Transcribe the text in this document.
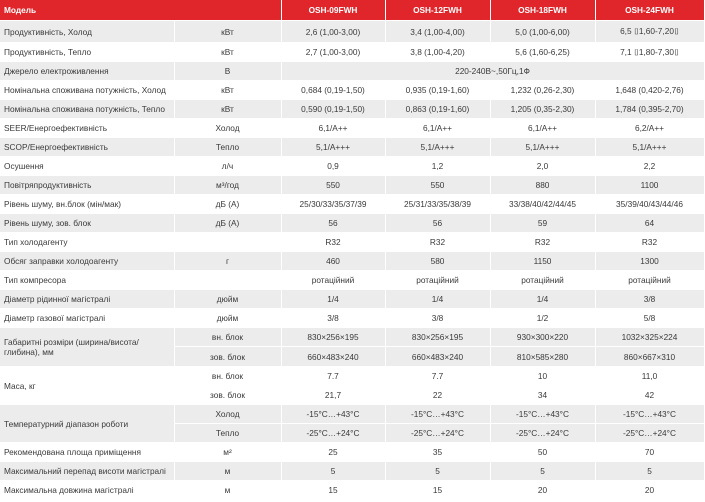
Модель		OSH-09FWH	OSH-12FWH	OSH-18FWH	OSH-24FWH
Продуктивність, Холод	кВт	2,6 (1,00-3,00)	3,4 (1,00-4,00)	5,0 (1,00-6,00)	6,5 ⌷1,60-7,20⌷
Продуктивність, Тепло	кВт	2,7 (1,00-3,00)	3,8 (1,00-4,20)	5,6 (1,60-6,25)	7,1 ⌷1,80-7,30⌷
Джерело електроживлення	В	220-240В~,50Гц,1Ф			
Номінальна споживана потужність, Холод	кВт	0,684 (0,19-1,50)	0,935 (0,19-1,60)	1,232 (0,26-2,30)	1,648 (0,420-2,76)
Номінальна споживана потужність, Тепло	кВт	0,590 (0,19-1,50)	0,863 (0,19-1,60)	1,205 (0,35-2,30)	1,784 (0,395-2,70)
SEER/Енергоефективність	Холод	6,1/А++	6,1/А++	6,1/А++	6,2/А++
SCOP/Енергоефективність	Тепло	5,1/А+++	5,1/А+++	5,1/А+++	5,1/А+++
Осушення	л/ч	0,9	1,2	2,0	2,2
Повітряпродуктивність	м³/год	550	550	880	1100
Рівень шуму, вн.блок (мін/мак)	дБ (А)	25/30/33/35/37/39	25/31/33/35/38/39	33/38/40/42/44/45	35/39/40/43/44/46
Рівень шуму, зов. блок	дБ (А)	56	56	59	64
Тип холодагенту		R32	R32	R32	R32
Обсяг заправки холодоагенту	г	460	580	1150	1300
Тип компресора		ротаційний	ротаційний	ротаційний	ротаційний
Діаметр рідинної магістралі	дюйм	1/4	1/4	1/4	3/8
Діаметр газової магістралі	дюйм	3/8	3/8	1/2	5/8
Габаритні розміри (ширина/висота/глибина), мм	вн. блок	830×256×195	830×256×195	930×300×220	1032×325×224
	зов. блок	660×483×240	660×483×240	810×585×280	860×667×310
Маса, кг	вн. блок	7.7	7.7	10	11,0
	зов. блок	21,7	22	34	42
Температурний діапазон роботи	Холод	-15°C…+43°C	-15°C…+43°C	-15°C…+43°C	-15°C…+43°C
	Тепло	-25°C…+24°C	-25°C…+24°C	-25°C…+24°C	-25°C…+24°C
Рекомендована площа приміщення	м²	25	35	50	70
Максимальний перепад висоти магістралі	м	5	5	5	5
Максимальна довжина магістралі	м	15	15	20	20
